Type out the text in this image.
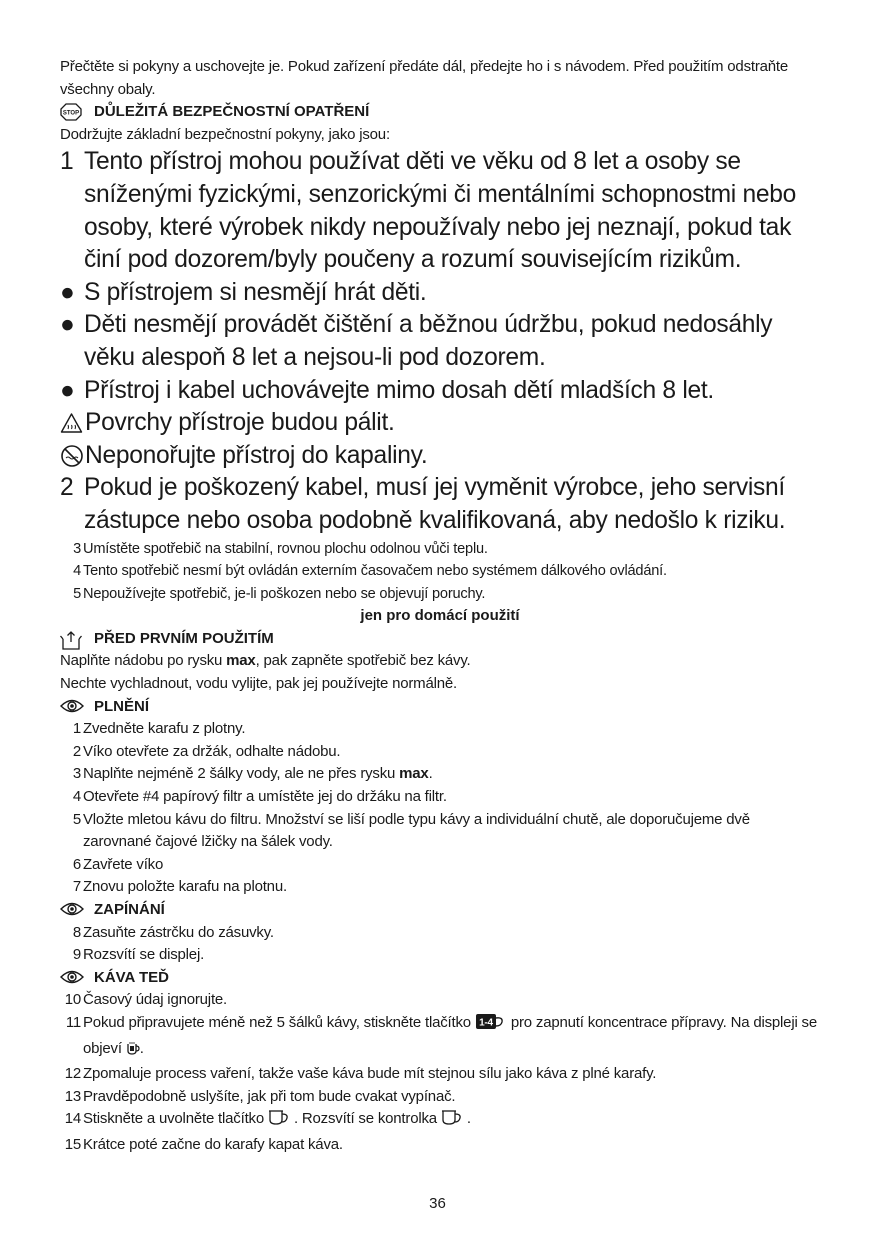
Přečtěte si pokyny a uschovejte je. Pokud zařízení předáte dál, předejte ho i s návodem. Před použitím odstraňte všechny obaly.
STOP DŮLEŽITÁ BEZPEČNOSTNÍ OPATŘENÍ
Dodržujte základní bezpečnostní pokyny, jako jsou:
1 Tento přístroj mohou používat děti ve věku od 8 let a osoby se sníženými fyzickými, senzorickými či mentálními schopnostmi nebo osoby, které výrobek nikdy nepoužívaly nebo jej neznají, pokud tak činí pod dozorem/byly poučeny a rozumí souvisejícím rizikům.
● S přístrojem si nesmějí hrát děti.
● Děti nesmějí provádět čištění a běžnou údržbu, pokud nedosáhly věku alespoň 8 let a nejsou-li pod dozorem.
● Přístroj i kabel uchovávejte mimo dosah dětí mladších 8 let.
Povrchy přístroje budou pálit.
Neponořujte přístroj do kapaliny.
2 Pokud je poškozený kabel, musí jej vyměnit výrobce, jeho servisní zástupce nebo osoba podobně kvalifikovaná, aby nedošlo k riziku.
3 Umístěte spotřebič na stabilní, rovnou plochu odolnou vůči teplu.
4 Tento spotřebič nesmí být ovládán externím časovačem nebo systémem dálkového ovládání.
5 Nepoužívejte spotřebič, je-li poškozen nebo se objevují poruchy.
jen pro domácí použití
PŘED PRVNÍM POUŽITÍM
Naplňte nádobu po rysku max, pak zapněte spotřebič bez kávy.
Nechte vychladnout, vodu vylijte, pak jej používejte normálně.
PLNĚNÍ
1 Zvedněte karafu z plotny.
2 Víko otevřete za držák, odhalte nádobu.
3 Naplňte nejméně 2 šálky vody, ale ne přes rysku max.
4 Otevřete #4 papírový filtr a umístěte jej do držáku na filtr.
5 Vložte mletou kávu do filtru. Množství se liší podle typu kávy a individuální chutě, ale doporučujeme dvě zarovnané čajové lžičky na šálek vody.
6 Zavřete víko
7 Znovu položte karafu na plotnu.
ZAPÍNÁNÍ
8 Zasuňte zástrčku do zásuvky.
9 Rozsvítí se displej.
KÁVA TEĎ
10 Časový údaj ignorujte.
11 Pokud připravujete méně než 5 šálků kávy, stiskněte tlačítko 1-4 pro zapnutí koncentrace přípravy. Na displeji se objeví .
12 Zpomaluje process vaření, takže vaše káva bude mít stejnou sílu jako káva z plné karafy.
13 Pravděpodobně uslyšíte, jak při tom bude cvakat vypínač.
14 Stiskněte a uvolněte tlačítko . Rozsvítí se kontrolka .
15 Krátce poté začne do karafy kapat káva.
36
